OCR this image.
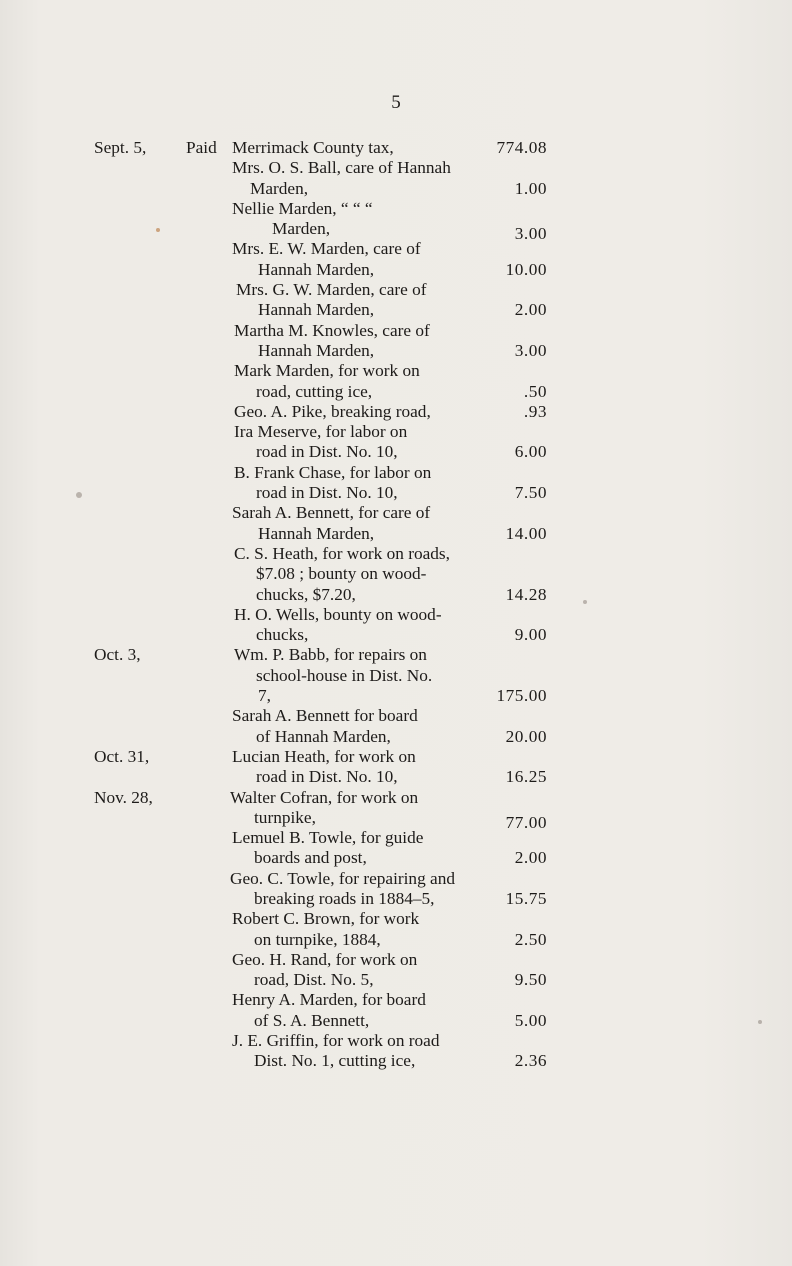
5
Sept. 5, Paid Merrimack County tax,	774.08
Mrs. O. S. Ball, care of Hannah
Marden,	1.00
Nellie Marden, “ “ “
Marden,	3.00
Mrs. E. W. Marden, care of
Hannah Marden,	10.00
Mrs. G. W. Marden, care of
Hannah Marden,	2.00
Martha M. Knowles, care of
Hannah Marden,	3.00
Mark Marden, for work on
road, cutting ice,	.50
Geo. A. Pike, breaking road,	.93
Ira Meserve, for labor on
road in Dist. No. 10,	6.00
B. Frank Chase, for labor on
road in Dist. No. 10,	7.50
Sarah A. Bennett, for care of
Hannah Marden,	14.00
C. S. Heath, for work on roads,
$7.08 ; bounty on wood-
chucks, $7.20,	14.28
H. O. Wells, bounty on wood-
chucks,	9.00
Oct. 3,	Wm. P. Babb, for repairs on
school-house in Dist. No.
7,	175.00
Sarah A. Bennett for board
of Hannah Marden,	20.00
Oct. 31,	Lucian Heath, for work on
road in Dist. No. 10,	16.25
Nov. 28,	Walter Cofran, for work on
turnpike,	77.00
Lemuel B. Towle, for guide
boards and post,	2.00
Geo. C. Towle, for repairing and
breaking roads in 1884–5,	15.75
Robert C. Brown, for work
on turnpike, 1884,	2.50
Geo. H. Rand, for work on
road, Dist. No. 5,	9.50
Henry A. Marden, for board
of S. A. Bennett,	5.00
J. E. Griffin, for work on road
Dist. No. 1, cutting ice,	2.36
